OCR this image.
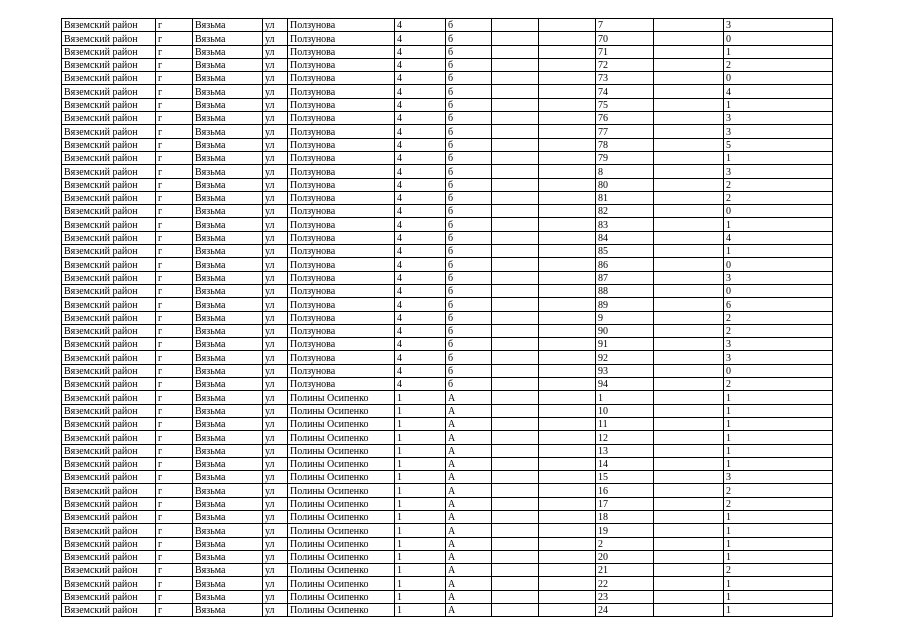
Вяземский район	г	Вязьма	ул	Ползунова	4	б			7		3
Вяземский район	г	Вязьма	ул	Ползунова	4	б			70		0
Вяземский район	г	Вязьма	ул	Ползунова	4	б			71		1
Вяземский район	г	Вязьма	ул	Ползунова	4	б			72		2
Вяземский район	г	Вязьма	ул	Ползунова	4	б			73		0
Вяземский район	г	Вязьма	ул	Ползунова	4	б			74		4
Вяземский район	г	Вязьма	ул	Ползунова	4	б			75		1
Вяземский район	г	Вязьма	ул	Ползунова	4	б			76		3
Вяземский район	г	Вязьма	ул	Ползунова	4	б			77		3
Вяземский район	г	Вязьма	ул	Ползунова	4	б			78		5
Вяземский район	г	Вязьма	ул	Ползунова	4	б			79		1
Вяземский район	г	Вязьма	ул	Ползунова	4	б			8		3
Вяземский район	г	Вязьма	ул	Ползунова	4	б			80		2
Вяземский район	г	Вязьма	ул	Ползунова	4	б			81		2
Вяземский район	г	Вязьма	ул	Ползунова	4	б			82		0
Вяземский район	г	Вязьма	ул	Ползунова	4	б			83		1
Вяземский район	г	Вязьма	ул	Ползунова	4	б			84		4
Вяземский район	г	Вязьма	ул	Ползунова	4	б			85		1
Вяземский район	г	Вязьма	ул	Ползунова	4	б			86		0
Вяземский район	г	Вязьма	ул	Ползунова	4	б			87		3
Вяземский район	г	Вязьма	ул	Ползунова	4	б			88		0
Вяземский район	г	Вязьма	ул	Ползунова	4	б			89		6
Вяземский район	г	Вязьма	ул	Ползунова	4	б			9		2
Вяземский район	г	Вязьма	ул	Ползунова	4	б			90		2
Вяземский район	г	Вязьма	ул	Ползунова	4	б			91		3
Вяземский район	г	Вязьма	ул	Ползунова	4	б			92		3
Вяземский район	г	Вязьма	ул	Ползунова	4	б			93		0
Вяземский район	г	Вязьма	ул	Ползунова	4	б			94		2
Вяземский район	г	Вязьма	ул	Полины Осипенко	1	А			1		1
Вяземский район	г	Вязьма	ул	Полины Осипенко	1	А			10		1
Вяземский район	г	Вязьма	ул	Полины Осипенко	1	А			11		1
Вяземский район	г	Вязьма	ул	Полины Осипенко	1	А			12		1
Вяземский район	г	Вязьма	ул	Полины Осипенко	1	А			13		1
Вяземский район	г	Вязьма	ул	Полины Осипенко	1	А			14		1
Вяземский район	г	Вязьма	ул	Полины Осипенко	1	А			15		3
Вяземский район	г	Вязьма	ул	Полины Осипенко	1	А			16		2
Вяземский район	г	Вязьма	ул	Полины Осипенко	1	А			17		2
Вяземский район	г	Вязьма	ул	Полины Осипенко	1	А			18		1
Вяземский район	г	Вязьма	ул	Полины Осипенко	1	А			19		1
Вяземский район	г	Вязьма	ул	Полины Осипенко	1	А			2		1
Вяземский район	г	Вязьма	ул	Полины Осипенко	1	А			20		1
Вяземский район	г	Вязьма	ул	Полины Осипенко	1	А			21		2
Вяземский район	г	Вязьма	ул	Полины Осипенко	1	А			22		1
Вяземский район	г	Вязьма	ул	Полины Осипенко	1	А			23		1
Вяземский район	г	Вязьма	ул	Полины Осипенко	1	А			24		1
